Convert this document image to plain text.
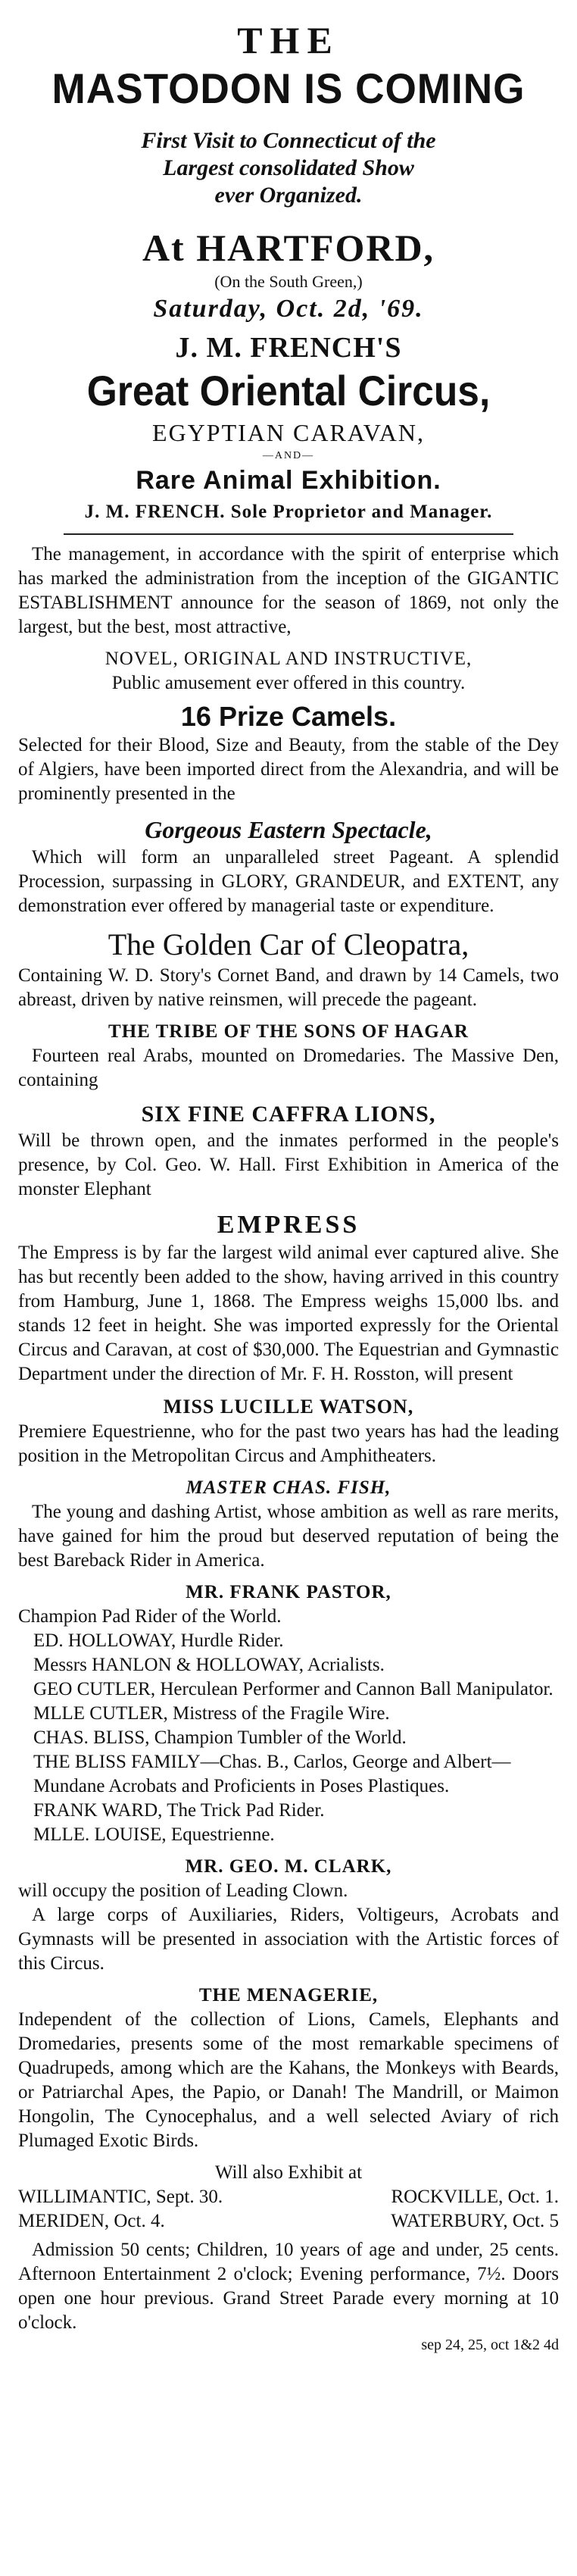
THE
MASTODON IS COMING
First Visit to Connecticut of the
Largest consolidated Show
ever Organized.
At HARTFORD,
(On the South Green,)
Saturday, Oct. 2d, '69.
J. M. FRENCH'S
Great Oriental Circus,
EGYPTIAN CARAVAN,
—AND—
Rare Animal Exhibition.
J. M. FRENCH. Sole Proprietor and Manager.

The management, in accordance with the spirit of enterprise which has marked the administration from the inception of the GIGANTIC ESTABLISHMENT announce for the season of 1869, not only the largest, but the best, most attractive,

NOVEL, ORIGINAL AND INSTRUCTIVE,
Public amusement ever offered in this country.
16 Prize Camels.

Selected for their Blood, Size and Beauty, from the stable of the Dey of Algiers, have been imported direct from the Alexandria, and will be prominently presented in the

Gorgeous Eastern Spectacle,

Which will form an unparalleled street Pageant. A splendid Procession, surpassing in GLORY, GRANDEUR, and EXTENT, any demonstration ever offered by managerial taste or expenditure.

The Golden Car of Cleopatra,

Containing W. D. Story's Cornet Band, and drawn by 14 Camels, two abreast, driven by native reinsmen, will precede the pageant.

THE TRIBE OF THE SONS OF HAGAR

Fourteen real Arabs, mounted on Dromedaries. The Massive Den, containing

SIX FINE CAFFRA LIONS,

Will be thrown open, and the inmates performed in the people's presence, by Col. Geo. W. Hall. First Exhibition in America of the monster Elephant

EMPRESS

The Empress is by far the largest wild animal ever captured alive. She has but recently been added to the show, having arrived in this country from Hamburg, June 1, 1868. The Empress weighs 15,000 lbs. and stands 12 feet in height. She was imported expressly for the Oriental Circus and Caravan, at cost of $30,000. The Equestrian and Gymnastic Department under the direction of Mr. F. H. Rosston, will present

MISS LUCILLE WATSON,

Premiere Equestrienne, who for the past two years has had the leading position in the Metropolitan Circus and Amphitheaters.

MASTER CHAS. FISH,

The young and dashing Artist, whose ambition as well as rare merits, have gained for him the proud but deserved reputation of being the best Bareback Rider in America.

MR. FRANK PASTOR,

Champion Pad Rider of the World.

ED. HOLLOWAY, Hurdle Rider.

Messrs HANLON & HOLLOWAY, Acrialists.

GEO CUTLER, Herculean Performer and Cannon Ball Manipulator.

MLLE CUTLER, Mistress of the Fragile Wire.

CHAS. BLISS, Champion Tumbler of the World.

THE BLISS FAMILY—Chas. B., Carlos, George and Albert—Mundane Acrobats and Proficients in Poses Plastiques.

FRANK WARD, The Trick Pad Rider.

MLLE. LOUISE, Equestrienne.

MR. GEO. M. CLARK,

will occupy the position of Leading Clown.

A large corps of Auxiliaries, Riders, Voltigeurs, Acrobats and Gymnasts will be presented in association with the Artistic forces of this Circus.

THE MENAGERIE,

Independent of the collection of Lions, Camels, Elephants and Dromedaries, presents some of the most remarkable specimens of Quadrupeds, among which are the Kahans, the Monkeys with Beards, or Patriarchal Apes, the Papio, or Danah! The Mandrill, or Maimon Hongolin, The Cynocephalus, and a well selected Aviary of rich Plumaged Exotic Birds.

Will also Exhibit at
WILLIMANTIC, Sept. 30.	ROCKVILLE, Oct. 1.
MERIDEN, Oct. 4.	WATERBURY, Oct. 5

Admission 50 cents; Children, 10 years of age and under, 25 cents. Afternoon Entertainment 2 o'clock; Evening performance, 7½. Doors open one hour previous. Grand Street Parade every morning at 10 o'clock.

sep 24, 25, oct 1&2 4d
